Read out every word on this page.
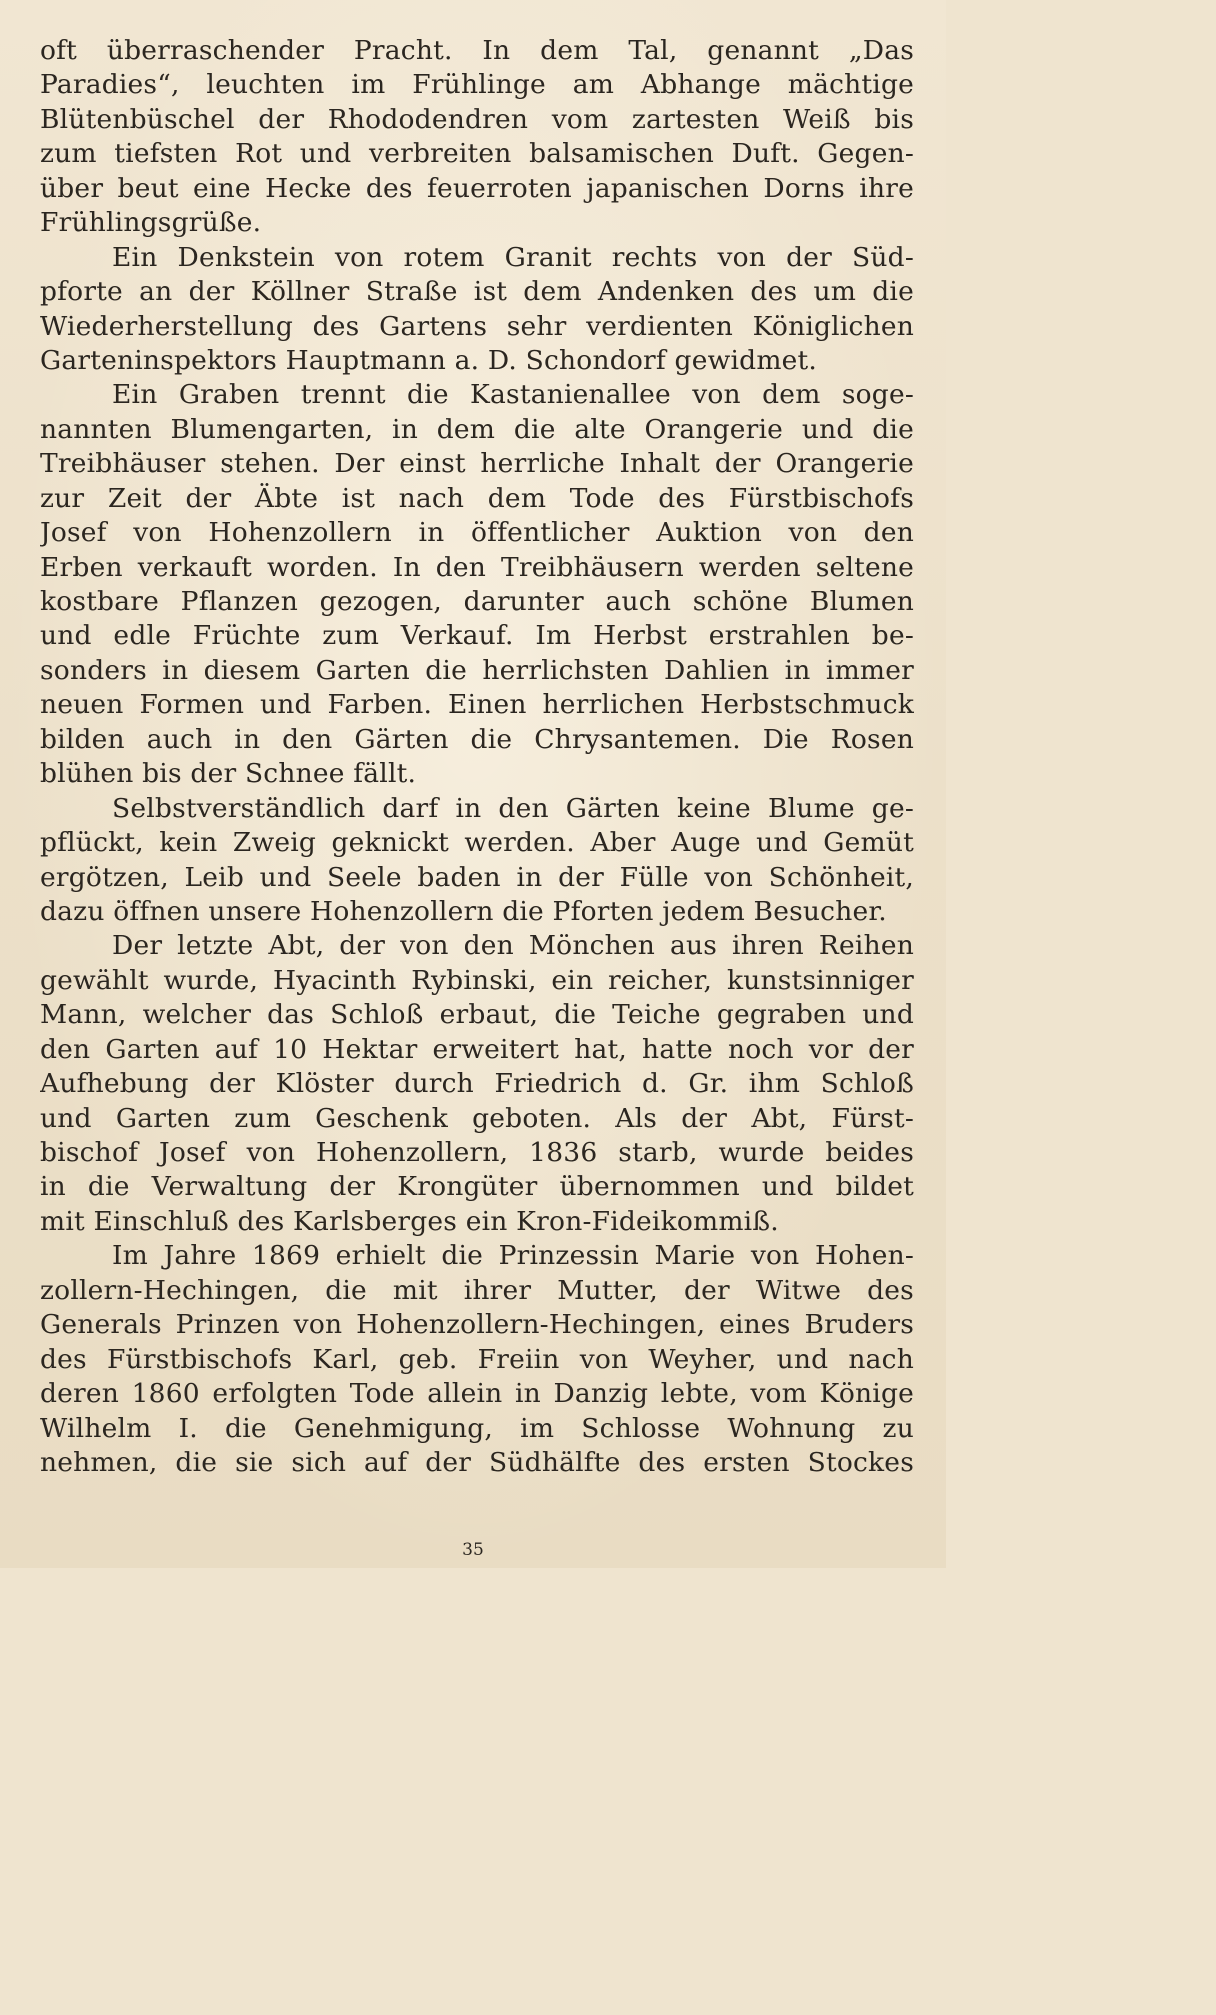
oft überraschender Pracht. In dem Tal, genannt „Das
Paradies“, leuchten im Frühlinge am Abhange mächtige
Blütenbüschel der Rhododendren vom zartesten Weiß bis
zum tiefsten Rot und verbreiten balsamischen Duft. Gegen-
über beut eine Hecke des feuerroten japanischen Dorns ihre
Frühlingsgrüße.

Ein Denkstein von rotem Granit rechts von der Süd-
pforte an der Köllner Straße ist dem Andenken des um die
Wiederherstellung des Gartens sehr verdienten Königlichen
Garteninspektors Hauptmann a. D. Schondorf gewidmet.

Ein Graben trennt die Kastanienallee von dem soge-
nannten Blumengarten, in dem die alte Orangerie und die
Treibhäuser stehen. Der einst herrliche Inhalt der Orangerie
zur Zeit der Äbte ist nach dem Tode des Fürstbischofs
Josef von Hohenzollern in öffentlicher Auktion von den
Erben verkauft worden. In den Treibhäusern werden seltene
kostbare Pflanzen gezogen, darunter auch schöne Blumen
und edle Früchte zum Verkauf. Im Herbst erstrahlen be-
sonders in diesem Garten die herrlichsten Dahlien in immer
neuen Formen und Farben. Einen herrlichen Herbstschmuck
bilden auch in den Gärten die Chrysantemen. Die Rosen
blühen bis der Schnee fällt.

Selbstverständlich darf in den Gärten keine Blume ge-
pflückt, kein Zweig geknickt werden. Aber Auge und Gemüt
ergötzen, Leib und Seele baden in der Fülle von Schönheit,
dazu öffnen unsere Hohenzollern die Pforten jedem Besucher.

Der letzte Abt, der von den Mönchen aus ihren Reihen
gewählt wurde, Hyacinth Rybinski, ein reicher, kunstsinniger
Mann, welcher das Schloß erbaut, die Teiche gegraben und
den Garten auf 10 Hektar erweitert hat, hatte noch vor der
Aufhebung der Klöster durch Friedrich d. Gr. ihm Schloß
und Garten zum Geschenk geboten. Als der Abt, Fürst-
bischof Josef von Hohenzollern, 1836 starb, wurde beides
in die Verwaltung der Krongüter übernommen und bildet
mit Einschluß des Karlsberges ein Kron-Fideikommiß.

Im Jahre 1869 erhielt die Prinzessin Marie von Hohen-
zollern-Hechingen, die mit ihrer Mutter, der Witwe des
Generals Prinzen von Hohenzollern-Hechingen, eines Bruders
des Fürstbischofs Karl, geb. Freiin von Weyher, und nach
deren 1860 erfolgten Tode allein in Danzig lebte, vom Könige
Wilhelm I. die Genehmigung, im Schlosse Wohnung zu
nehmen, die sie sich auf der Südhälfte des ersten Stockes

35
